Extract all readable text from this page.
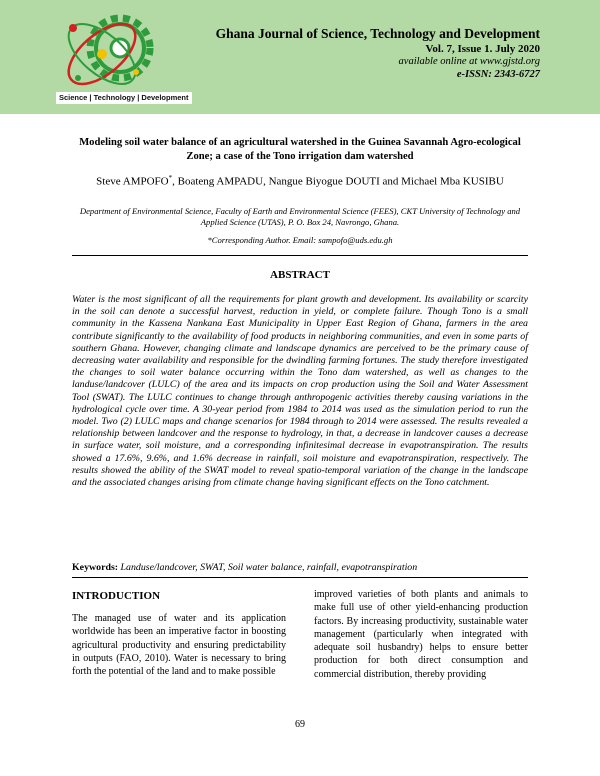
Science | Technology | Development
Ghana Journal of Science, Technology and Development
Vol. 7, Issue 1. July 2020
available online at www.gjstd.org
e-ISSN: 2343-6727
Modeling soil water balance of an agricultural watershed in the Guinea Savannah Agro-ecological Zone; a case of the Tono irrigation dam watershed
Steve AMPOFO*, Boateng AMPADU, Nangue Biyogue DOUTI and Michael Mba KUSIBU
Department of Environmental Science, Faculty of Earth and Environmental Science (FEES), CKT University of Technology and Applied Science (UTAS), P. O. Box 24, Navrongo, Ghana.
*Corresponding Author. Email: sampofo@uds.edu.gh
ABSTRACT
Water is the most significant of all the requirements for plant growth and development. Its availability or scarcity in the soil can denote a successful harvest, reduction in yield, or complete failure. Though Tono is a small community in the Kassena Nankana East Municipality in Upper East Region of Ghana, farmers in the area contribute significantly to the availability of food products in neighboring communities, and even in some parts of southern Ghana. However, changing climate and landscape dynamics are perceived to be the primary cause of decreasing water availability and responsible for the dwindling farming fortunes. The study therefore investigated the changes to soil water balance occurring within the Tono dam watershed, as well as changes to the landuse/landcover (LULC) of the area and its impacts on crop production using the Soil and Water Assessment Tool (SWAT). The LULC continues to change through anthropogenic activities thereby causing variations in the hydrological cycle over time. A 30-year period from 1984 to 2014 was used as the simulation period to run the model. Two (2) LULC maps and change scenarios for 1984 through to 2014 were assessed. The results revealed a relationship between landcover and the response to hydrology, in that, a decrease in landcover causes a decrease in surface water, soil moisture, and a corresponding infinitesimal decrease in evapotranspiration. The results showed a 17.6%, 9.6%, and 1.6% decrease in rainfall, soil moisture and evapotranspiration, respectively. The results showed the ability of the SWAT model to reveal spatio-temporal variation of the change in the landscape and the associated changes arising from climate change having significant effects on the Tono catchment.
Keywords: Landuse/landcover, SWAT, Soil water balance, rainfall, evapotranspiration
INTRODUCTION
The managed use of water and its application worldwide has been an imperative factor in boosting agricultural productivity and ensuring predictability in outputs (FAO, 2010). Water is necessary to bring forth the potential of the land and to make possible
improved varieties of both plants and animals to make full use of other yield-enhancing production factors. By increasing productivity, sustainable water management (particularly when integrated with adequate soil husbandry) helps to ensure better production for both direct consumption and commercial distribution, thereby providing
69
